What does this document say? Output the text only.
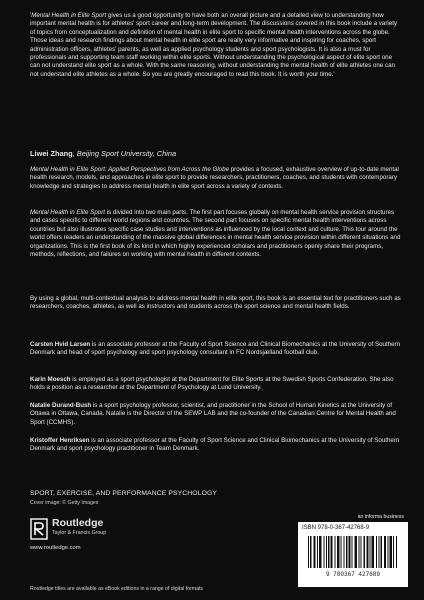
'Mental Health in Elite Sport gives us a good opportunity to have both an overall picture and a detailed view to understanding how important mental health is for athletes' sport career and long-term development. The discussions covered in this book include a variety of topics from conceptualization and definition of mental health in elite sport to specific mental health interventions across the globe. Those ideas and research findings about mental health in elite sport are really very informative and inspiring for coaches, sport administration officers, athletes' parents, as well as applied psychology students and sport psychologists. It is also a must for professionals and supporting team staff working within elite sports. Without understanding the psychological aspect of elite sport one can not understand elite sport as a whole. With the same reasoning, without understanding the mental health of elite athletes one can not understand elite athletes as a whole. So you are greatly encouraged to read this book. It is worth your time.'

Liwei Zhang, Beijing Sport University, China

Mental Health in Elite Sport: Applied Perspectives from Across the Globe provides a focused, exhaustive overview of up-to-date mental health research, models, and approaches in elite sport to provide researchers, practitioners, coaches, and students with contemporary knowledge and strategies to address mental health in elite sport across a variety of contexts.

Mental Health in Elite Sport is divided into two main parts. The first part focuses globally on mental health service provision structures and cases specific to different world regions and countries. The second part focuses on specific mental health interventions across countries but also illustrates specific case studies and interventions as influenced by the local context and culture. This tour around the world offers readers an understanding of the massive global differences in mental health service provision within different situations and organizations. This is the first book of its kind in which highly experienced scholars and practitioners openly share their programs, methods, reflections, and failures on working with mental health in different contexts.

By using a global, multi-contextual analysis to address mental health in elite sport, this book is an essential text for practitioners such as researchers, coaches, athletes, as well as instructors and students across the sport science and mental health fields.

Carsten Hvid Larsen is an associate professor at the Faculty of Sport Science and Clinical Biomechanics at the University of Southern Denmark and head of sport psychology and sport psychology consultant in FC Nordsjælland football club.

Karin Moesch is employed as a sport psychologist at the Department for Elite Sports at the Swedish Sports Confederation. She also holds a position as a researcher at the Department of Psychology at Lund University.

Natalie Durand-Bush is a sport psychology professor, scientist, and practitioner in the School of Human Kinetics at the University of Ottawa in Ottawa, Canada. Natalie is the Director of the SEWP LAB and the co-founder of the Canadian Centre for Mental Health and Sport (CCMHS).

Kristoffer Henriksen is an associate professor at the Faculty of Sport Science and Clinical Biomechanics at the University of Southern Denmark and sport psychology practitioner in Team Denmark.

SPORT, EXERCISE, AND PERFORMANCE PSYCHOLOGY
Cover image: © Getty Images
Routledge
Taylor & Francis Group
www.routledge.com
an informa business
ISBN 978-0-367-42768-9
9 780367 427689
Routledge titles are available as eBook editions in a range of digital formats
